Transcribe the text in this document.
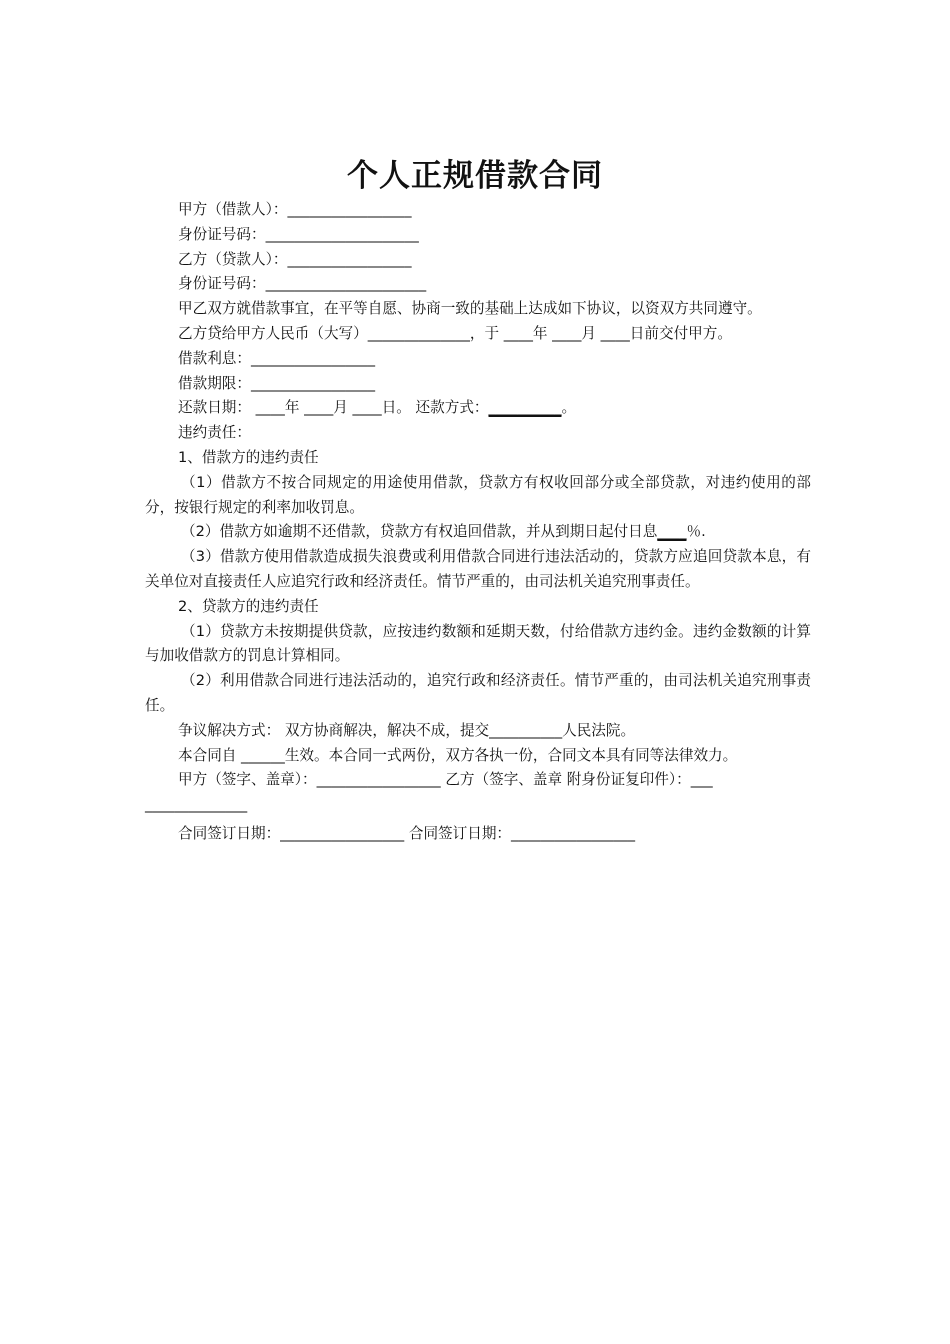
个人正规借款合同

甲方（借款人）：_________________

身份证号码：_____________________

乙方（贷款人）：_________________

身份证号码：______________________

甲乙双方就借款事宜，在平等自愿、协商一致的基础上达成如下协议，以资双方共同遵守。

乙方贷给甲方人民币（大写）______________，于 ____年 ____月 ____日前交付甲方。

借款利息：_________________

借款期限：_________________

还款日期： ____年 ____月 ____日。 还款方式：__________。

违约责任：

1、借款方的违约责任

（1）借款方不按合同规定的用途使用借款，贷款方有权收回部分或全部贷款，对违约使用的部分，按银行规定的利率加收罚息。

（2）借款方如逾期不还借款，贷款方有权追回借款，并从到期日起付日息____％.

（3）借款方使用借款造成损失浪费或利用借款合同进行违法活动的，贷款方应追回贷款本息，有关单位对直接责任人应追究行政和经济责任。情节严重的，由司法机关追究刑事责任。

2、贷款方的违约责任

（1）贷款方未按期提供贷款，应按违约数额和延期天数，付给借款方违约金。违约金数额的计算与加收借款方的罚息计算相同。

（2）利用借款合同进行违法活动的，追究行政和经济责任。情节严重的，由司法机关追究刑事责任。

争议解决方式： 双方协商解决，解决不成，提交__________人民法院。

本合同自 ______生效。本合同一式两份，双方各执一份，合同文本具有同等法律效力。

甲方（签字、盖章）：_________________ 乙方（签字、盖章 附身份证复印件）：___

______________

合同签订日期：_________________ 合同签订日期：_________________
